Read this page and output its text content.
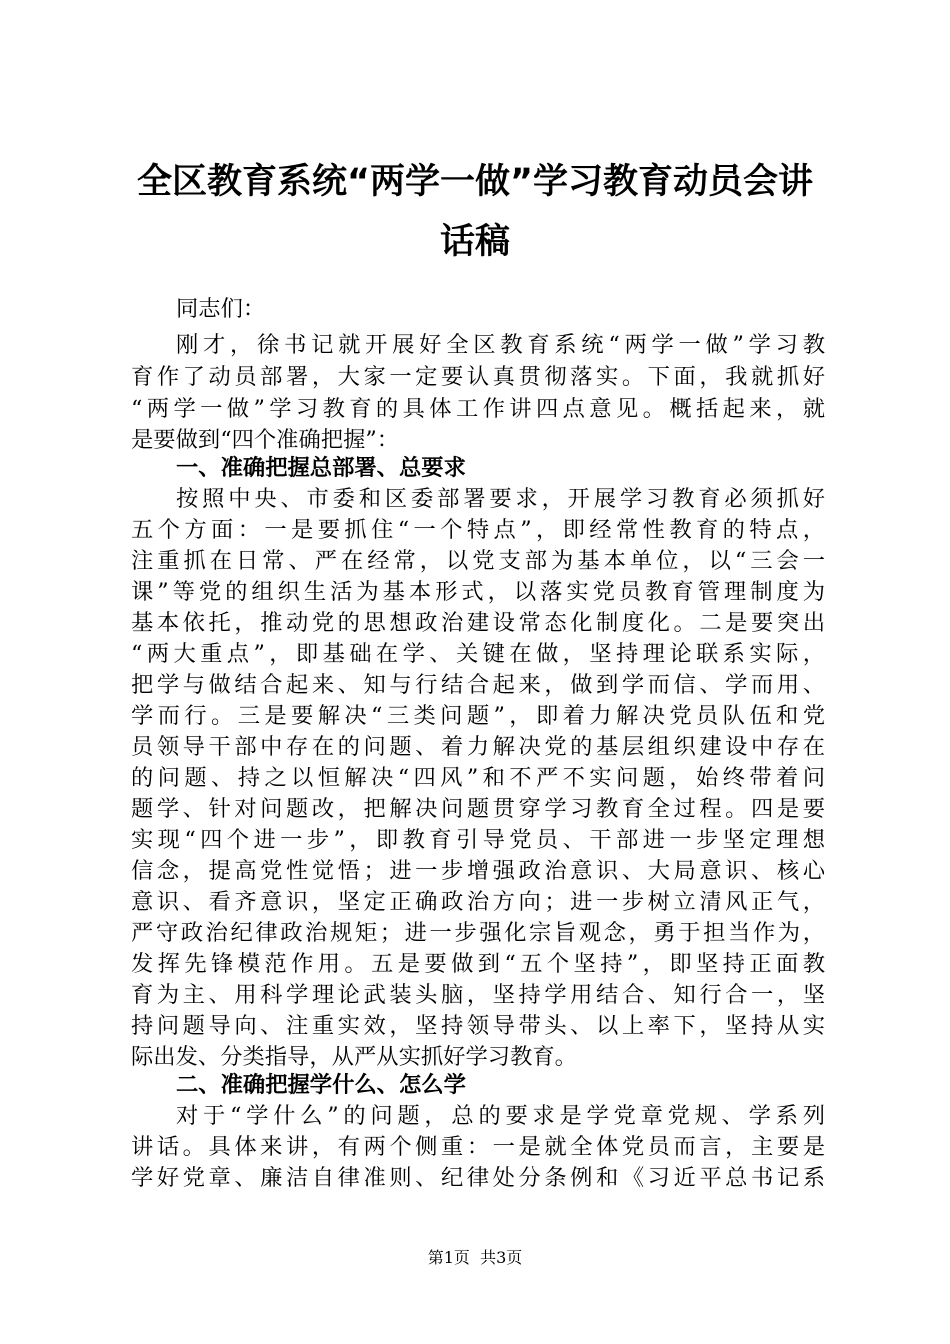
全区教育系统“两学一做”学习教育动员会讲
话稿
同志们：
刚才，徐书记就开展好全区教育系统“两学一做”学习教
育作了动员部署，大家一定要认真贯彻落实。下面，我就抓好
“两学一做”学习教育的具体工作讲四点意见。概括起来，就
是要做到“四个准确把握”：
一、准确把握总部署、总要求
按照中央、市委和区委部署要求，开展学习教育必须抓好
五个方面：一是要抓住“一个特点”，即经常性教育的特点，
注重抓在日常、严在经常，以党支部为基本单位，以“三会一
课”等党的组织生活为基本形式，以落实党员教育管理制度为
基本依托，推动党的思想政治建设常态化制度化。二是要突出
“两大重点”，即基础在学、关键在做，坚持理论联系实际，
把学与做结合起来、知与行结合起来，做到学而信、学而用、
学而行。三是要解决“三类问题”，即着力解决党员队伍和党
员领导干部中存在的问题、着力解决党的基层组织建设中存在
的问题、持之以恒解决“四风”和不严不实问题，始终带着问
题学、针对问题改，把解决问题贯穿学习教育全过程。四是要
实现“四个进一步”，即教育引导党员、干部进一步坚定理想
信念，提高党性觉悟；进一步增强政治意识、大局意识、核心
意识、看齐意识，坚定正确政治方向；进一步树立清风正气，
严守政治纪律政治规矩；进一步强化宗旨观念，勇于担当作为，
发挥先锋模范作用。五是要做到“五个坚持”，即坚持正面教
育为主、用科学理论武装头脑，坚持学用结合、知行合一，坚
持问题导向、注重实效，坚持领导带头、以上率下，坚持从实
际出发、分类指导，从严从实抓好学习教育。
二、准确把握学什么、怎么学
对于“学什么”的问题，总的要求是学党章党规、学系列
讲话。具体来讲，有两个侧重：一是就全体党员而言，主要是
学好党章、廉洁自律准则、纪律处分条例和《习近平总书记系
第1页  共3页
